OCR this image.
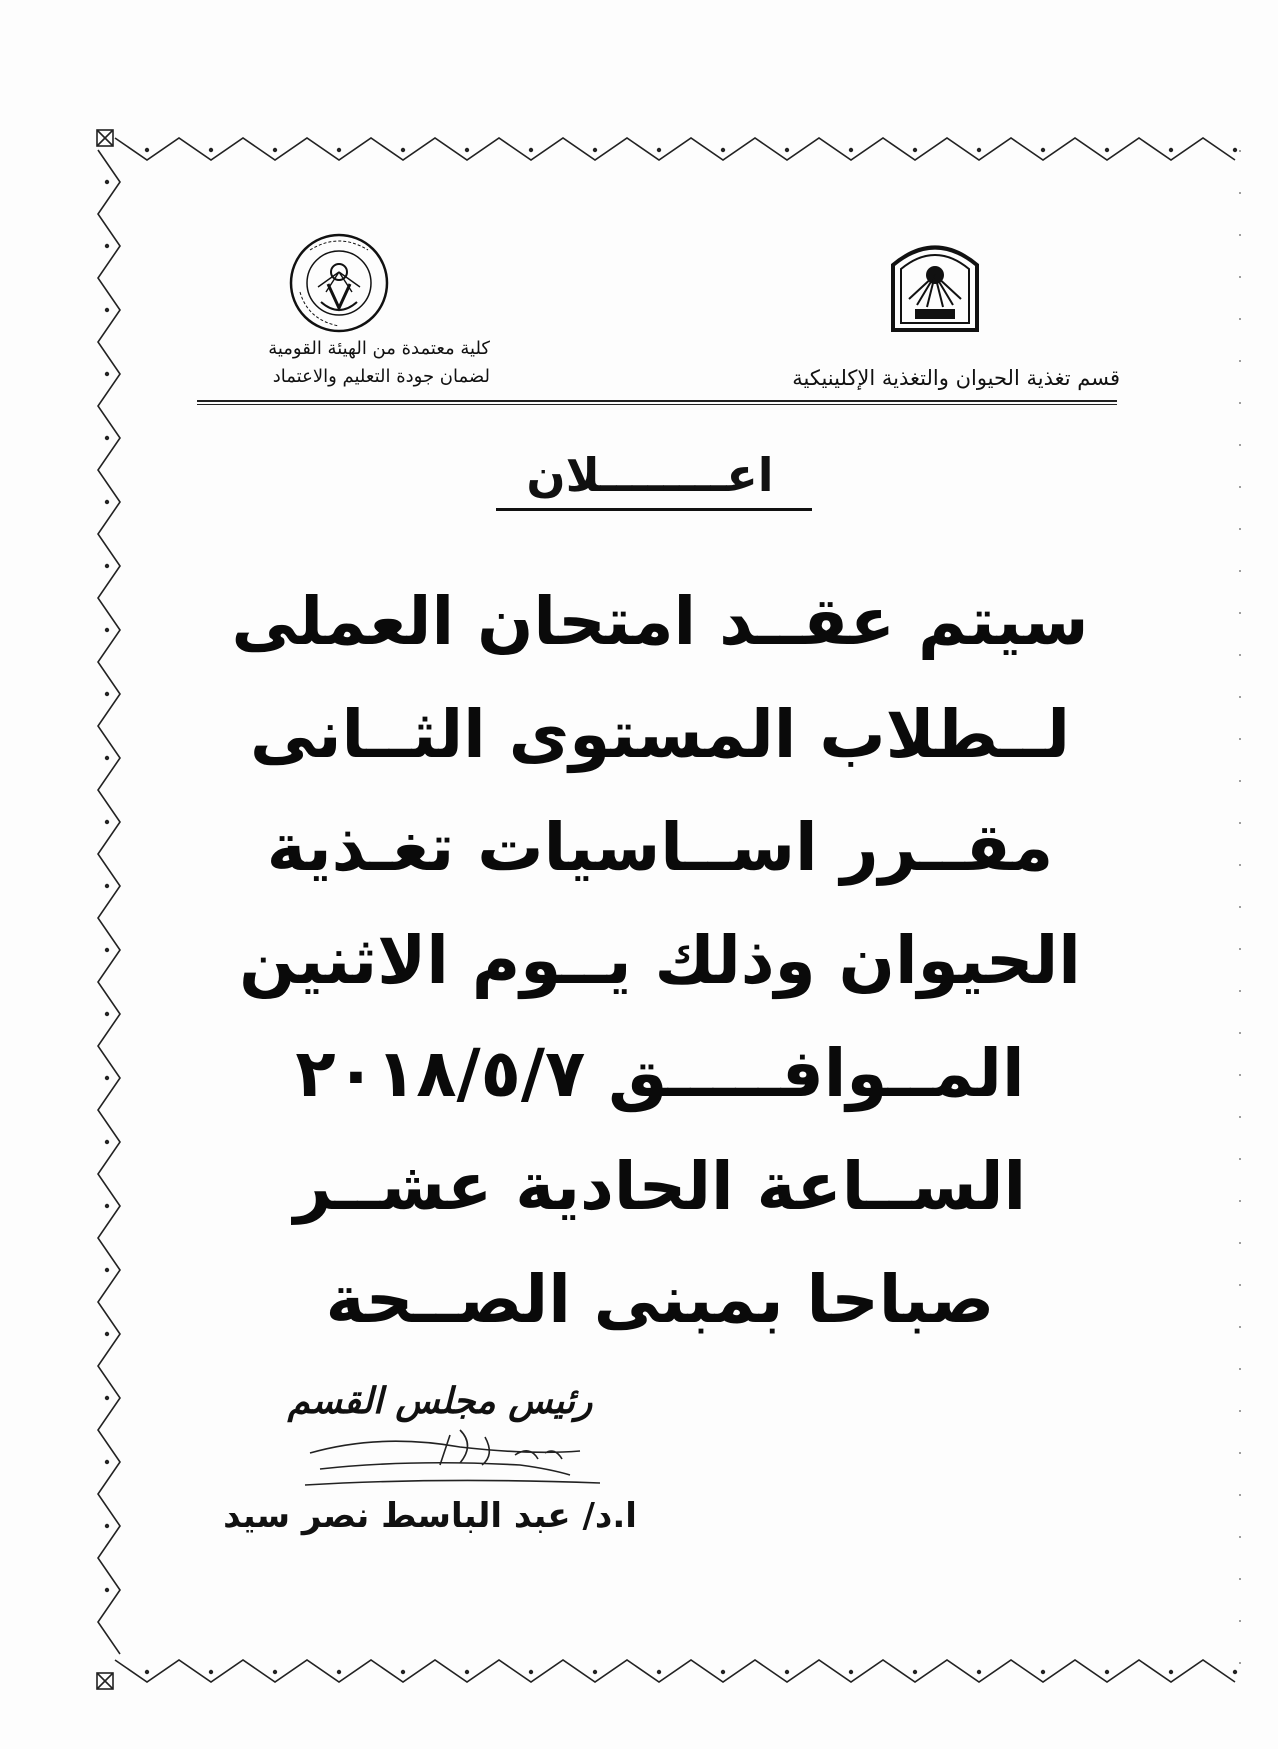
كلية معتمدة من الهيئة القومية
لضمان جودة التعليم والاعتماد	قسم تغذية الحيوان والتغذية الإكلينيكية
اعــــــــلان
سيتم عقــد امتحان العملى
لــطلاب المستوى الثــانى
مقــرر اســاسيات تغـذية
الحيوان وذلك يــوم الاثنين
المــوافـــــق ٢٠١٨/٥/٧
الســاعة الحادية عشــر
صباحا بمبنى الصــحة
رئيس مجلس القسم
ا.د/ عبد الباسط نصر سيد
